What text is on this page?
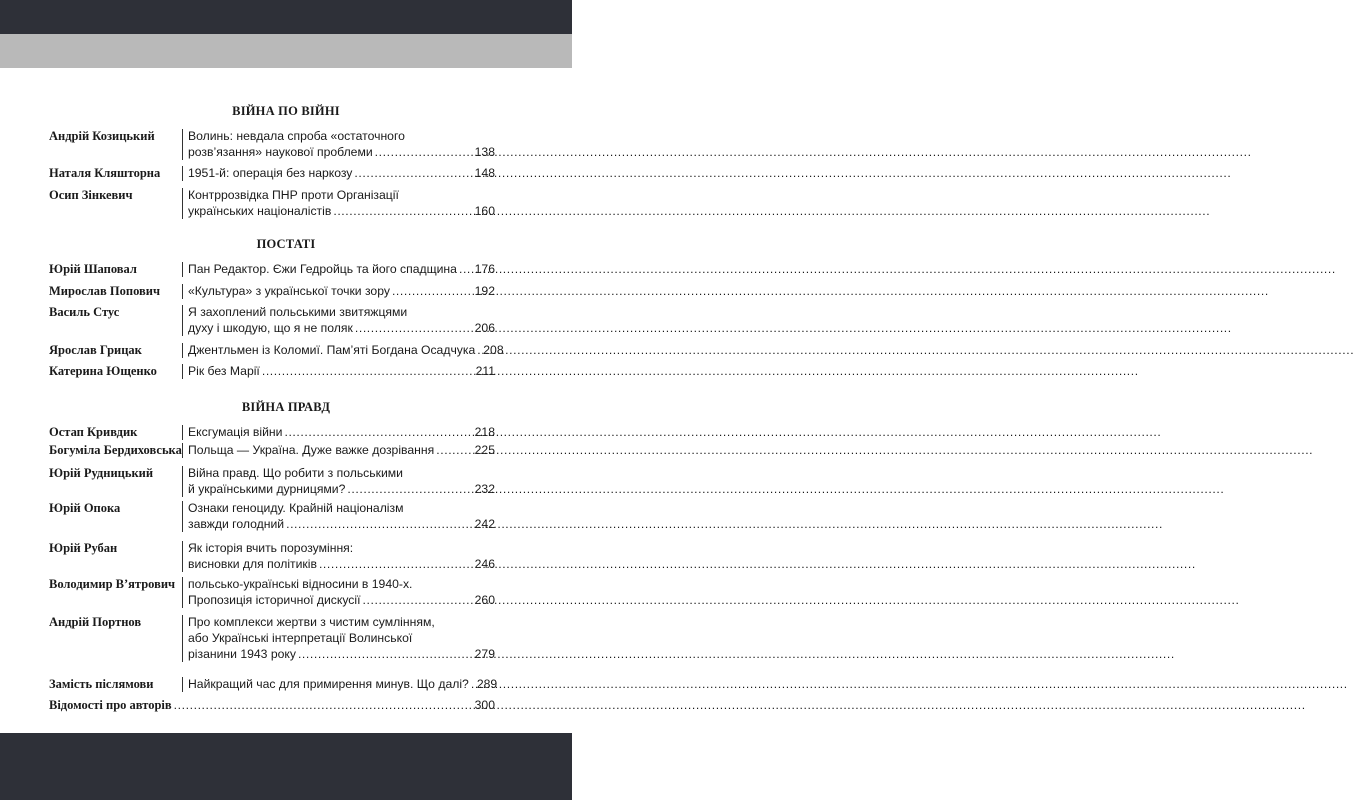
ВІЙНА ПО ВІЙНІ
Андрій Козицький	Волинь: невдала спроба «остаточного
розв’язання» наукової проблеми .....	138
Наталя Кляшторна 1951-й: операція без наркозу .....	148
Осип Зінкевич	Контррозвідка ПНР проти Організації
українських націоналістів .....	160
ПОСТАТІ
Юрій Шаповал	Пан Редактор. Єжи Гедройць та його спадщина ..... 176
Мирослав Попович «Культура» з української точки зору .....	192
Василь Стус	Я захоплений польськими звитяжцями
духу і шкодую, що я не поляк .....	206
Ярослав Грицак	Джентльмен із Коломиї. Пам’яті Богдана Осадчука ..... 208
Катерина Ющенко	Рік без Марії .....	211
ВІЙНА ПРАВД
Остап Кривдик	Ексгумація війни .....	218
Богуміла Бердиховська Польща — Україна. Дуже важке дозрівання .....	225
Юрій Рудницький	Війна правд. Що робити з польськими
й українськими дурницями? .....	232
Юрій Опока	Ознаки геноциду. Крайній націоналізм
завжди голодний .....	242
Юрій Рубан	Як історія вчить порозуміння:
висновки для політиків .....	246
Володимир В’ятрович польсько-українські відносини в 1940-х.
Пропозиція історичної дискусії .....	260
Андрій Портнов	Про комплекси жертви з чистим сумлінням,
або Українські інтерпретації Волинської
різанини 1943 року .....	279
Замість післямови	Найкращий час для примирення минув. Що далі? ..... 289
Відомості про авторів .....	300
